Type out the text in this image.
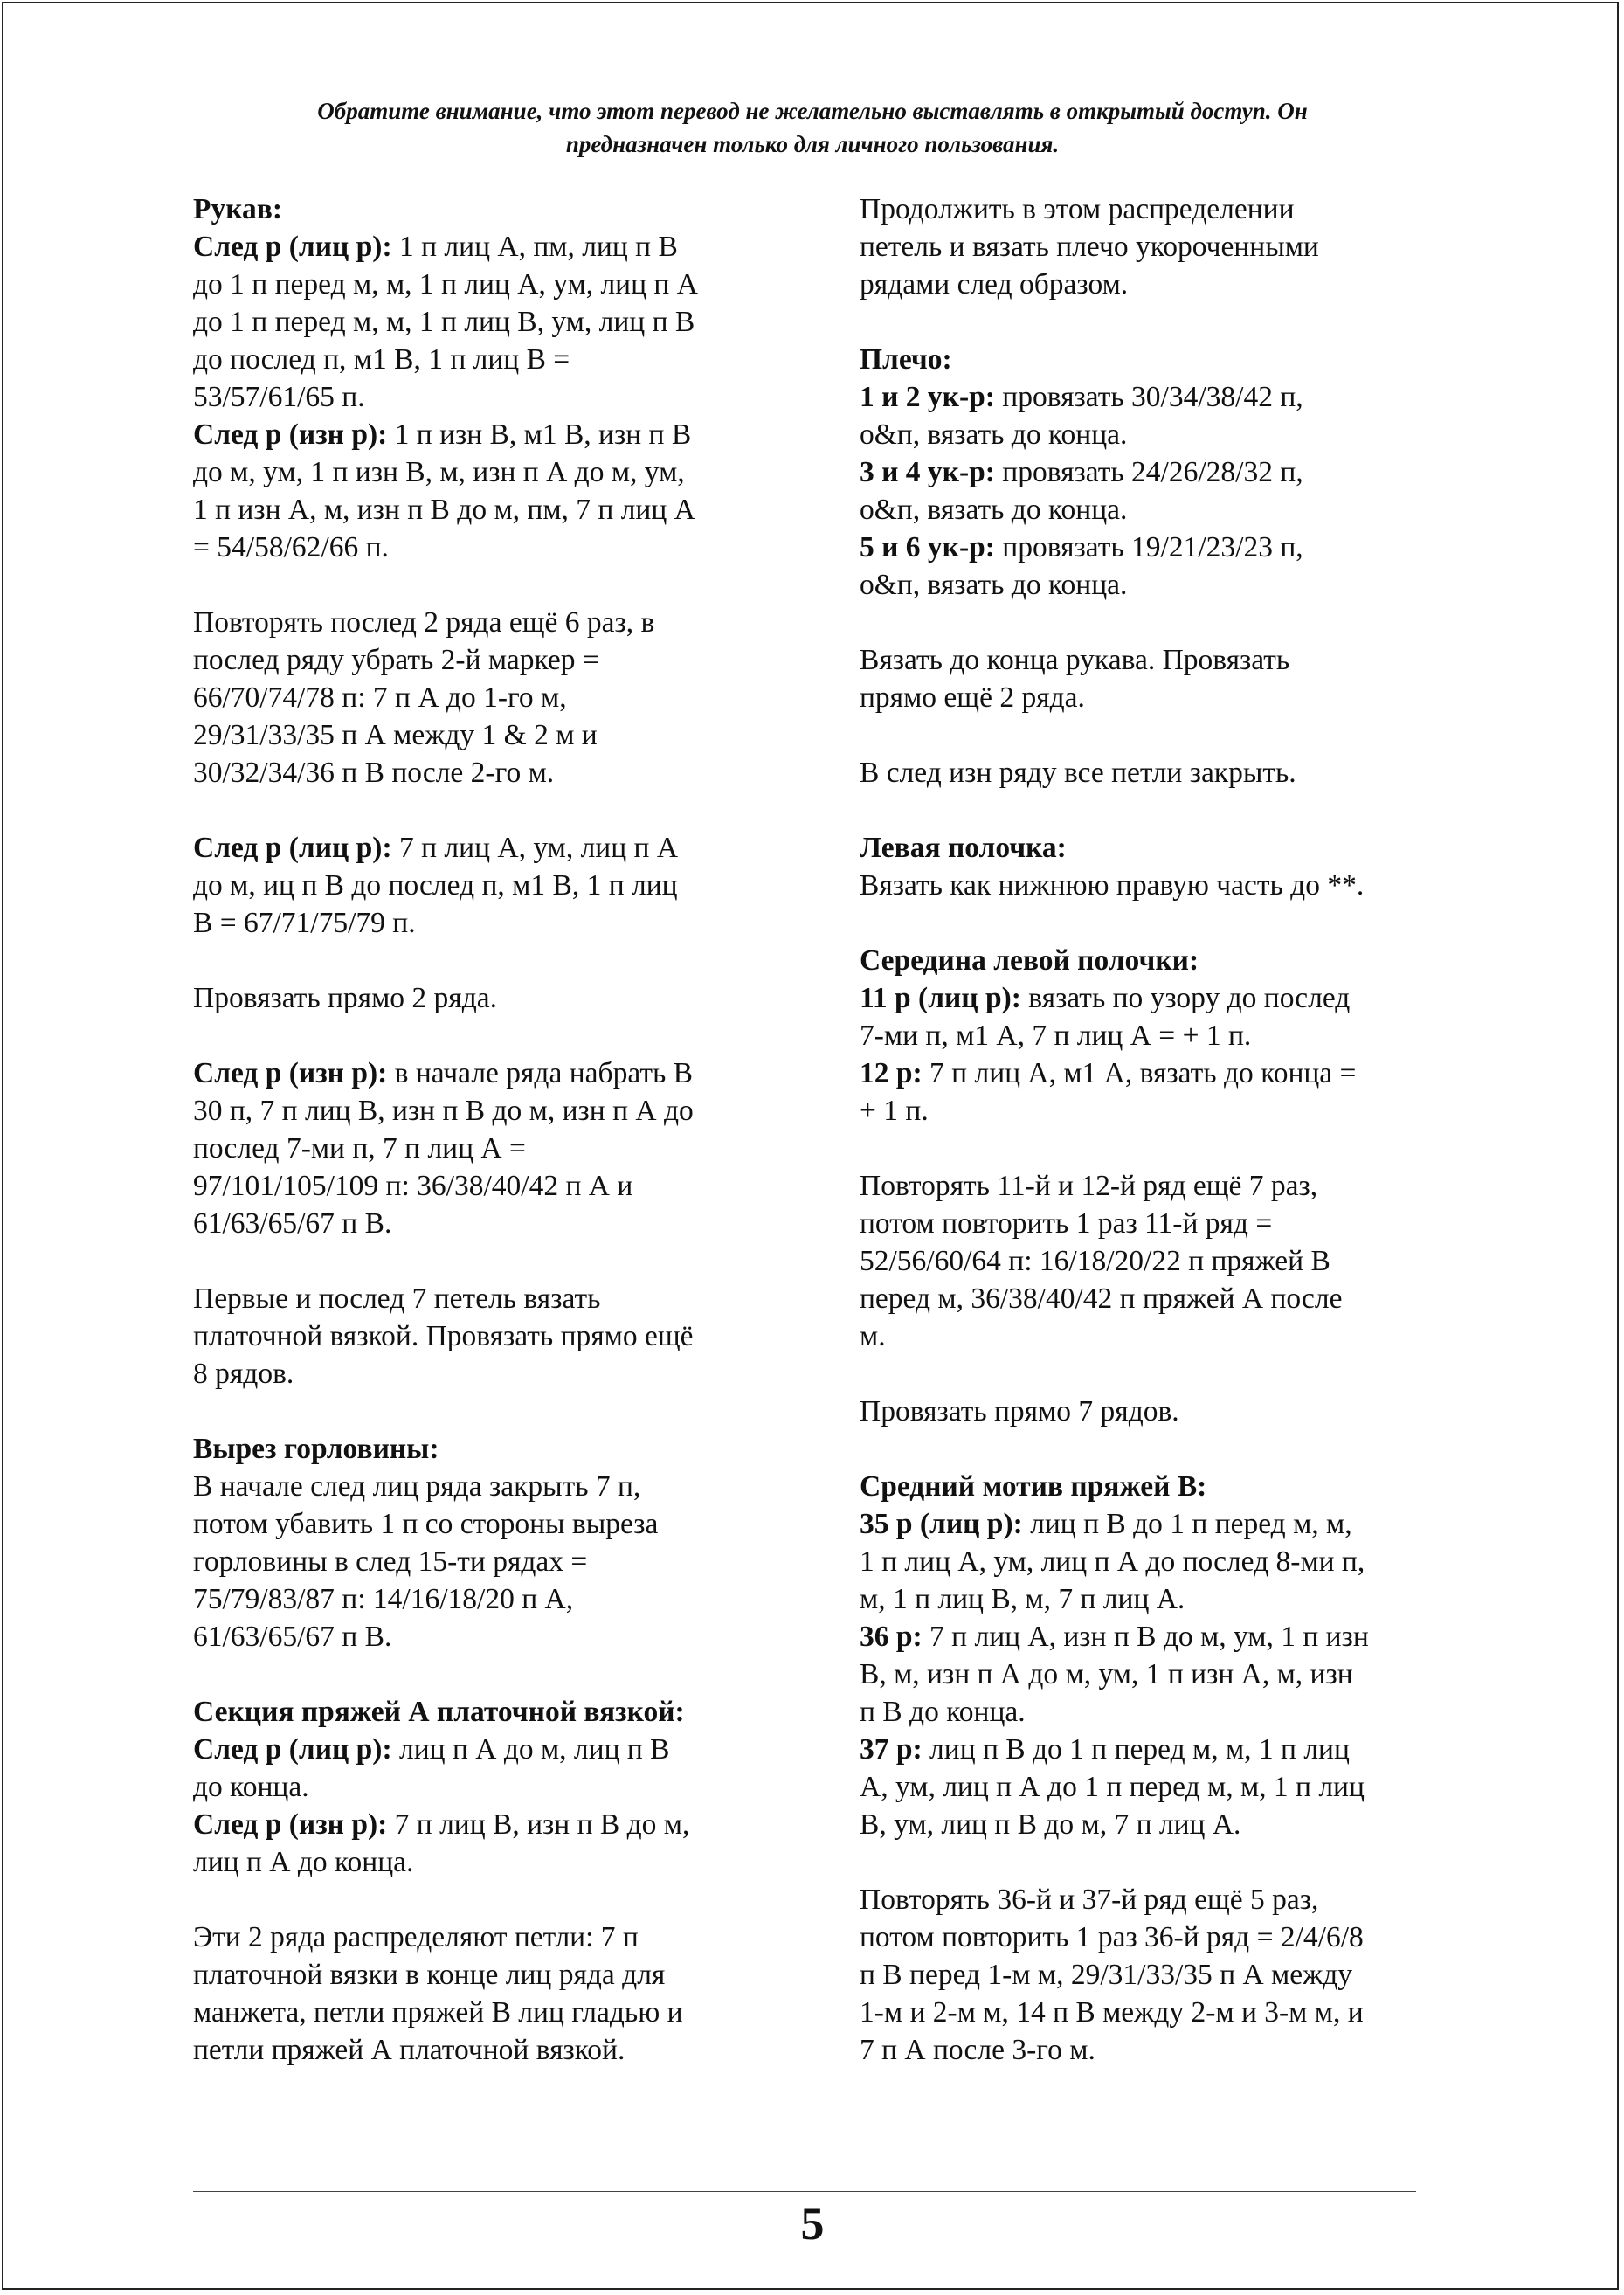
Обратите внимание, что этот перевод не желательно выставлять в открытый доступ. Он
предназначен только для личного пользования.

Рукав:

След р (лиц р): 1 п лиц А, пм, лиц п В

до 1 п перед м, м, 1 п лиц А, ум, лиц п А

до 1 п перед м, м, 1 п лиц В, ум, лиц п В

до послед п, м1 В, 1 п лиц В =

53/57/61/65 п.

След р (изн р): 1 п изн В, м1 В, изн п В

до м, ум, 1 п изн В, м, изн п А до м, ум,

1 п изн А, м, изн п В до м, пм, 7 п лиц А

= 54/58/62/66 п.

Повторять послед 2 ряда ещё 6 раз, в

послед ряду убрать 2-й маркер =

66/70/74/78 п: 7 п А до 1-го м,

29/31/33/35 п А между 1 & 2 м и

30/32/34/36 п В после 2-го м.

След р (лиц р): 7 п лиц А, ум, лиц п А

до м, иц п В до послед п, м1 В, 1 п лиц

В = 67/71/75/79 п.

Провязать прямо 2 ряда.

След р (изн р): в начале ряда набрать В

30 п, 7 п лиц В, изн п В до м, изн п А до

послед 7-ми п, 7 п лиц А =

97/101/105/109 п: 36/38/40/42 п А и

61/63/65/67 п В.

Первые и послед 7 петель вязать

платочной вязкой. Провязать прямо ещё

8 рядов.

Вырез горловины:

В начале след лиц ряда закрыть 7 п,

потом убавить 1 п со стороны выреза

горловины в след 15-ти рядах =

75/79/83/87 п: 14/16/18/20 п А,

61/63/65/67 п В.

Секция пряжей А платочной вязкой:

След р (лиц р): лиц п А до м, лиц п В

до конца.

След р (изн р): 7 п лиц В, изн п В до м,

лиц п А до конца.

Эти 2 ряда распределяют петли: 7 п

платочной вязки в конце лиц ряда для

манжета, петли пряжей В лиц гладью и

петли пряжей А платочной вязкой.

Продолжить в этом распределении

петель и вязать плечо укороченными

рядами след образом.

Плечо:

1 и 2 ук-р: провязать 30/34/38/42 п,

о&п, вязать до конца.

3 и 4 ук-р: провязать 24/26/28/32 п,

о&п, вязать до конца.

5 и 6 ук-р: провязать 19/21/23/23 п,

о&п, вязать до конца.

Вязать до конца рукава. Провязать

прямо ещё 2 ряда.

В след изн ряду все петли закрыть.

Левая полочка:

Вязать как нижнюю правую часть до **.

Середина левой полочки:

11 р (лиц р): вязать по узору до послед

7-ми п, м1 А, 7 п лиц А = + 1 п.

12 р: 7 п лиц А, м1 А, вязать до конца =

+ 1 п.

Повторять 11-й и 12-й ряд ещё 7 раз,

потом повторить 1 раз 11-й ряд =

52/56/60/64 п: 16/18/20/22 п пряжей В

перед м, 36/38/40/42 п пряжей А после

м.

Провязать прямо 7 рядов.

Средний мотив пряжей В:

35 р (лиц р): лиц п В до 1 п перед м, м,

1 п лиц А, ум, лиц п А до послед 8-ми п,

м, 1 п лиц В, м, 7 п лиц А.

36 р: 7 п лиц А, изн п В до м, ум, 1 п изн

В, м, изн п А до м, ум, 1 п изн А, м, изн

п В до конца.

37 р: лиц п В до 1 п перед м, м, 1 п лиц

А, ум, лиц п А до 1 п перед м, м, 1 п лиц

В, ум, лиц п В до м, 7 п лиц А.

Повторять 36-й и 37-й ряд ещё 5 раз,

потом повторить 1 раз 36-й ряд = 2/4/6/8

п В перед 1-м м, 29/31/33/35 п А между

1-м и 2-м м, 14 п В между 2-м и 3-м м, и

7 п А после 3-го м.

5
